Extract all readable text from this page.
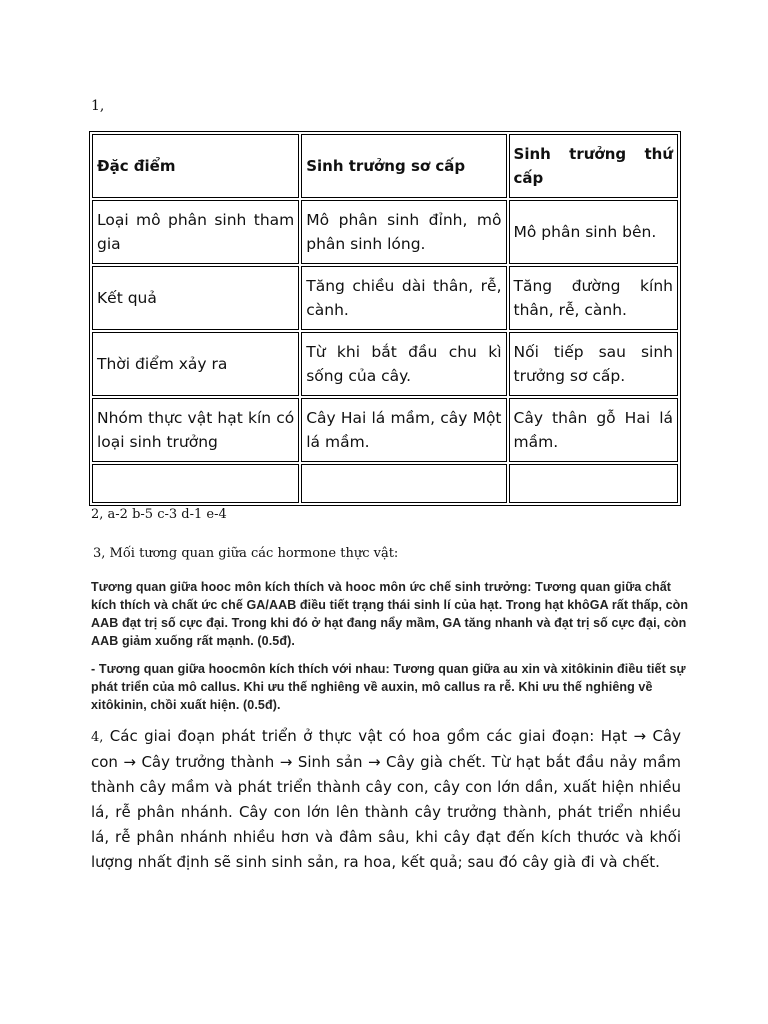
1,
Đặc điểm	Sinh trưởng sơ cấp	Sinh trưởng thứ cấp
Loại mô phân sinh tham gia	Mô phân sinh đỉnh, mô phân sinh lóng.	Mô phân sinh bên.
Kết quả	Tăng chiều dài thân, rễ, cành.	Tăng đường kính thân, rễ, cành.
Thời điểm xảy ra	Từ khi bắt đầu chu kì sống của cây.	Nối tiếp sau sinh trưởng sơ cấp.
Nhóm thực vật hạt kín có loại sinh trưởng	Cây Hai lá mầm, cây Một lá mầm.	Cây thân gỗ Hai lá mầm.

2, a-2 b-5 c-3 d-1 e-4
3, Mối tương quan giữa các hormone thực vật:
Tương quan giữa hooc môn kích thích và hooc môn ức chế sinh trưởng: Tương quan giữa chất kích thích và chất ức chế GA/AAB điều tiết trạng thái sinh lí của hạt. Trong hạt khôGA rất thấp, còn AAB đạt trị số cực đại. Trong khi đó ở hạt đang nẩy mầm, GA tăng nhanh và đạt trị số cực đại, còn AAB giảm xuống rất mạnh. (0.5đ).
- Tương quan giữa hoocmôn kích thích với nhau: Tương quan giữa au xin và xitôkinin điều tiết sự phát triển của mô callus. Khi ưu thế nghiêng về auxin, mô callus ra rễ. Khi ưu thế nghiêng về xitôkinin, chồi xuất hiện. (0.5đ).
4, Các giai đoạn phát triển ở thực vật có hoa gồm các giai đoạn: Hạt → Cây con → Cây trưởng thành → Sinh sản → Cây già chết. Từ hạt bắt đầu nảy mầm thành cây mầm và phát triển thành cây con, cây con lớn dần, xuất hiện nhiều lá, rễ phân nhánh. Cây con lớn lên thành cây trưởng thành, phát triển nhiều lá, rễ phân nhánh nhiều hơn và đâm sâu, khi cây đạt đến kích thước và khối lượng nhất định sẽ sinh sinh sản, ra hoa, kết quả; sau đó cây già đi và chết.
